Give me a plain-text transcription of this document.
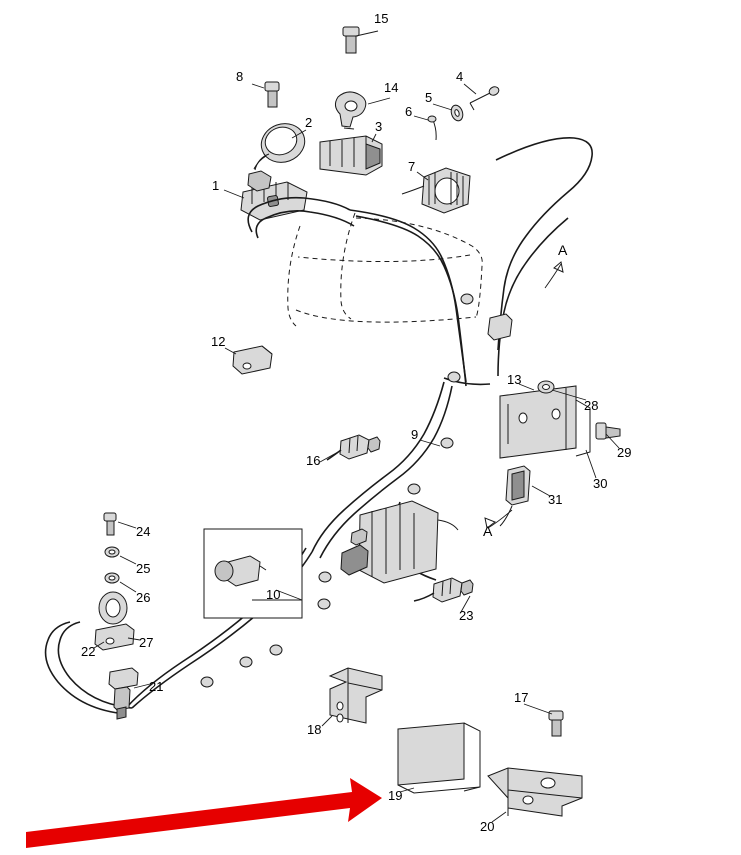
15
8
14
4
5
6
2	3
7
1
A
12
13
28
9
29
30
16
31
A
24
25
26	10
23
27
22
21
17
18
19
20
